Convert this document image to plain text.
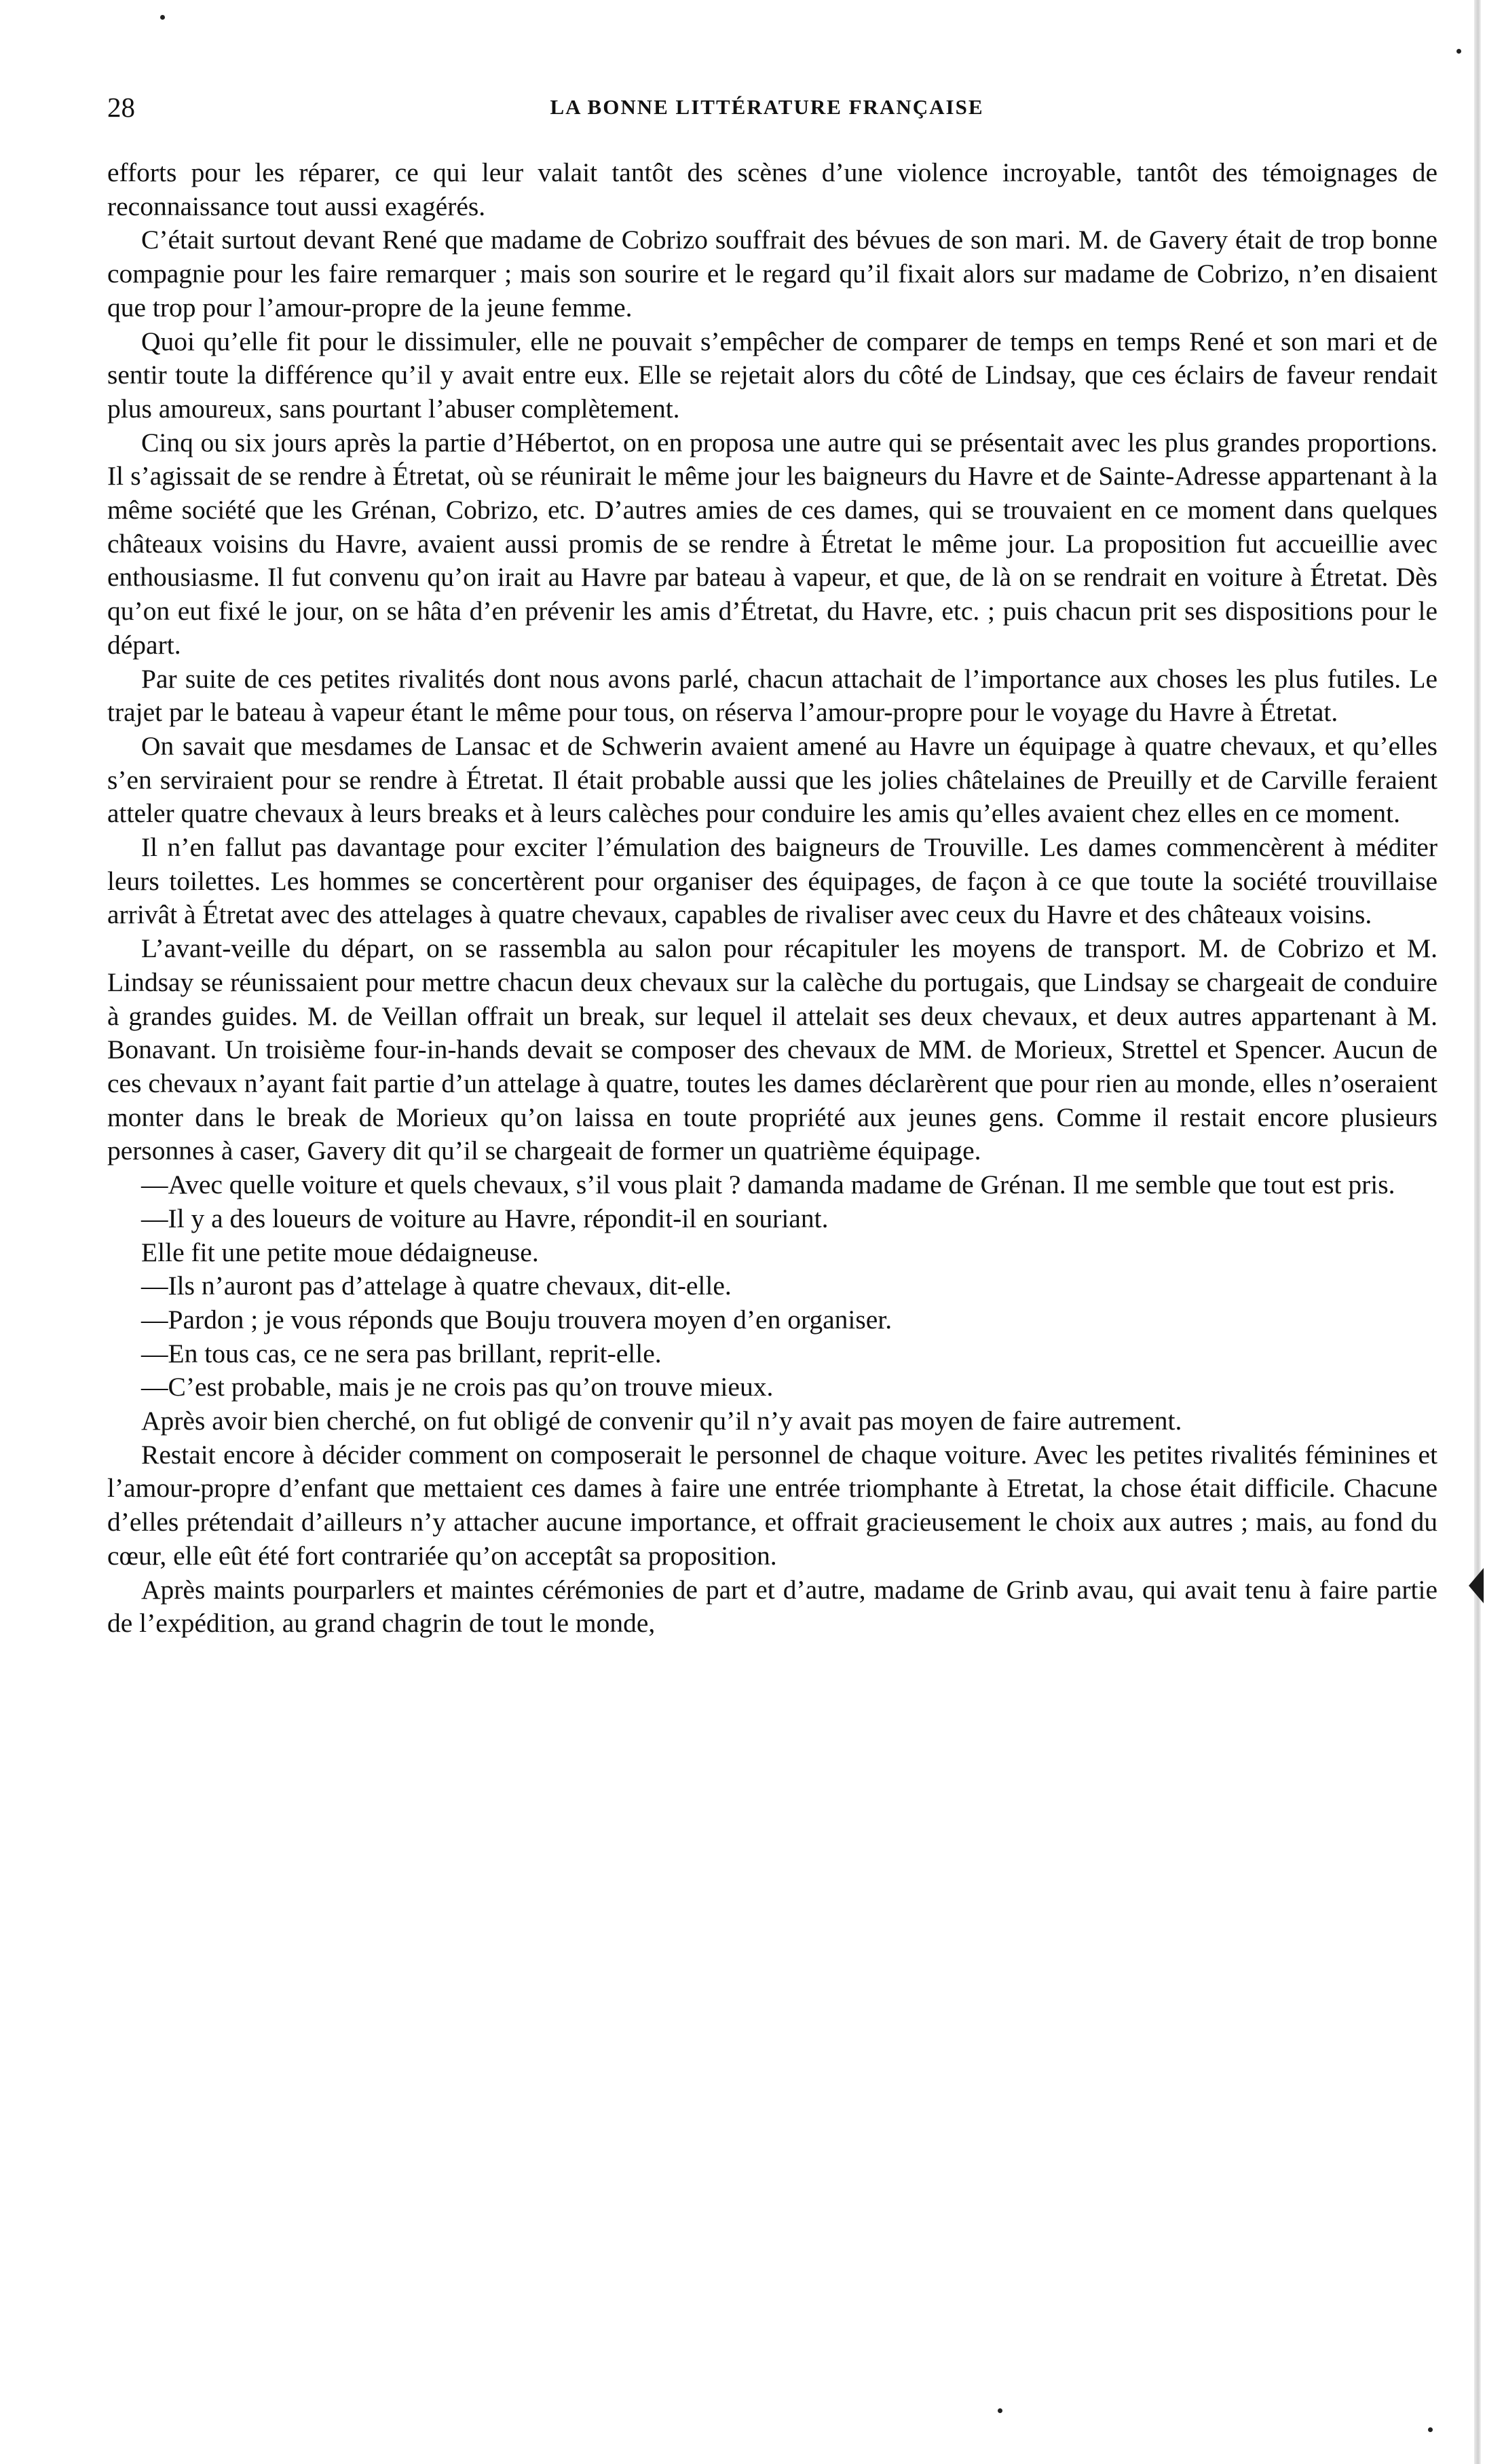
28	LA BONNE LITTÉRATURE FRANÇAISE

efforts pour les réparer, ce qui leur valait tantôt des scènes d’une violence incroyable, tantôt des témoignages de reconnaissance tout aussi exagérés.

C’était surtout devant René que madame de Cobrizo souffrait des bévues de son mari. M. de Gavery était de trop bonne compagnie pour les faire remarquer ; mais son sourire et le regard qu’il fixait alors sur madame de Cobrizo, n’en disaient que trop pour l’amour-propre de la jeune femme.

Quoi qu’elle fit pour le dissimuler, elle ne pouvait s’empêcher de comparer de temps en temps René et son mari et de sentir toute la différence qu’il y avait entre eux. Elle se rejetait alors du côté de Lindsay, que ces éclairs de faveur rendait plus amoureux, sans pourtant l’abuser complètement.

Cinq ou six jours après la partie d’Hébertot, on en proposa une autre qui se présentait avec les plus grandes proportions. Il s’agissait de se rendre à Étretat, où se réunirait le même jour les baigneurs du Havre et de Sainte-Adresse appartenant à la même société que les Grénan, Cobrizo, etc. D’autres amies de ces dames, qui se trouvaient en ce moment dans quelques châteaux voisins du Havre, avaient aussi promis de se rendre à Étretat le même jour. La proposition fut accueillie avec enthousiasme. Il fut convenu qu’on irait au Havre par bateau à vapeur, et que, de là on se rendrait en voiture à Étretat. Dès qu’on eut fixé le jour, on se hâta d’en prévenir les amis d’Étretat, du Havre, etc. ; puis chacun prit ses dispositions pour le départ.

Par suite de ces petites rivalités dont nous avons parlé, chacun attachait de l’importance aux choses les plus futiles. Le trajet par le bateau à vapeur étant le même pour tous, on réserva l’amour-propre pour le voyage du Havre à Étretat.

On savait que mesdames de Lansac et de Schwerin avaient amené au Havre un équipage à quatre chevaux, et qu’elles s’en serviraient pour se rendre à Étretat. Il était probable aussi que les jolies châtelaines de Preuilly et de Carville feraient atteler quatre chevaux à leurs breaks et à leurs calèches pour conduire les amis qu’elles avaient chez elles en ce moment.

Il n’en fallut pas davantage pour exciter l’émulation des baigneurs de Trouville. Les dames commencèrent à méditer leurs toilettes. Les hommes se concertèrent pour organiser des équipages, de façon à ce que toute la société trouvillaise arrivât à Étretat avec des attelages à quatre chevaux, capables de rivaliser avec ceux du Havre et des châteaux voisins.

L’avant-veille du départ, on se rassembla au salon pour récapituler les moyens de transport. M. de Cobrizo et M. Lindsay se réunissaient pour mettre chacun deux chevaux sur la calèche du portugais, que Lindsay se chargeait de conduire à grandes guides. M. de Veillan offrait un break, sur lequel il attelait ses deux chevaux, et deux autres appartenant à M. Bonavant. Un troisième four-in-hands devait se composer des chevaux de MM. de Morieux, Strettel et Spencer. Aucun de ces chevaux n’ayant fait partie d’un attelage à quatre, toutes les dames déclarèrent que pour rien au monde, elles n’oseraient monter dans le break de Morieux qu’on laissa en toute propriété aux jeunes gens. Comme il restait encore plusieurs personnes à caser, Gavery dit qu’il se chargeait de former un quatrième équipage.

—Avec quelle voiture et quels chevaux, s’il vous plait ? damanda madame de Grénan. Il me semble que tout est pris.

—Il y a des loueurs de voiture au Havre, répondit-il en souriant.

Elle fit une petite moue dédaigneuse.

—Ils n’auront pas d’attelage à quatre chevaux, dit-elle.

—Pardon ; je vous réponds que Bouju trouvera moyen d’en organiser.

—En tous cas, ce ne sera pas brillant, reprit-elle.

—C’est probable, mais je ne crois pas qu’on trouve mieux.

Après avoir bien cherché, on fut obligé de convenir qu’il n’y avait pas moyen de faire autrement.

Restait encore à décider comment on composerait le personnel de chaque voiture. Avec les petites rivalités féminines et l’amour-propre d’enfant que mettaient ces dames à faire une entrée triomphante à Etretat, la chose était difficile. Chacune d’elles prétendait d’ailleurs n’y attacher aucune importance, et offrait gracieusement le choix aux autres ; mais, au fond du cœur, elle eût été fort contrariée qu’on acceptât sa proposition.

Après maints pourparlers et maintes cérémonies de part et d’autre, madame de Grinb avau, qui avait tenu à faire partie de l’expédition, au grand chagrin de tout le monde,
